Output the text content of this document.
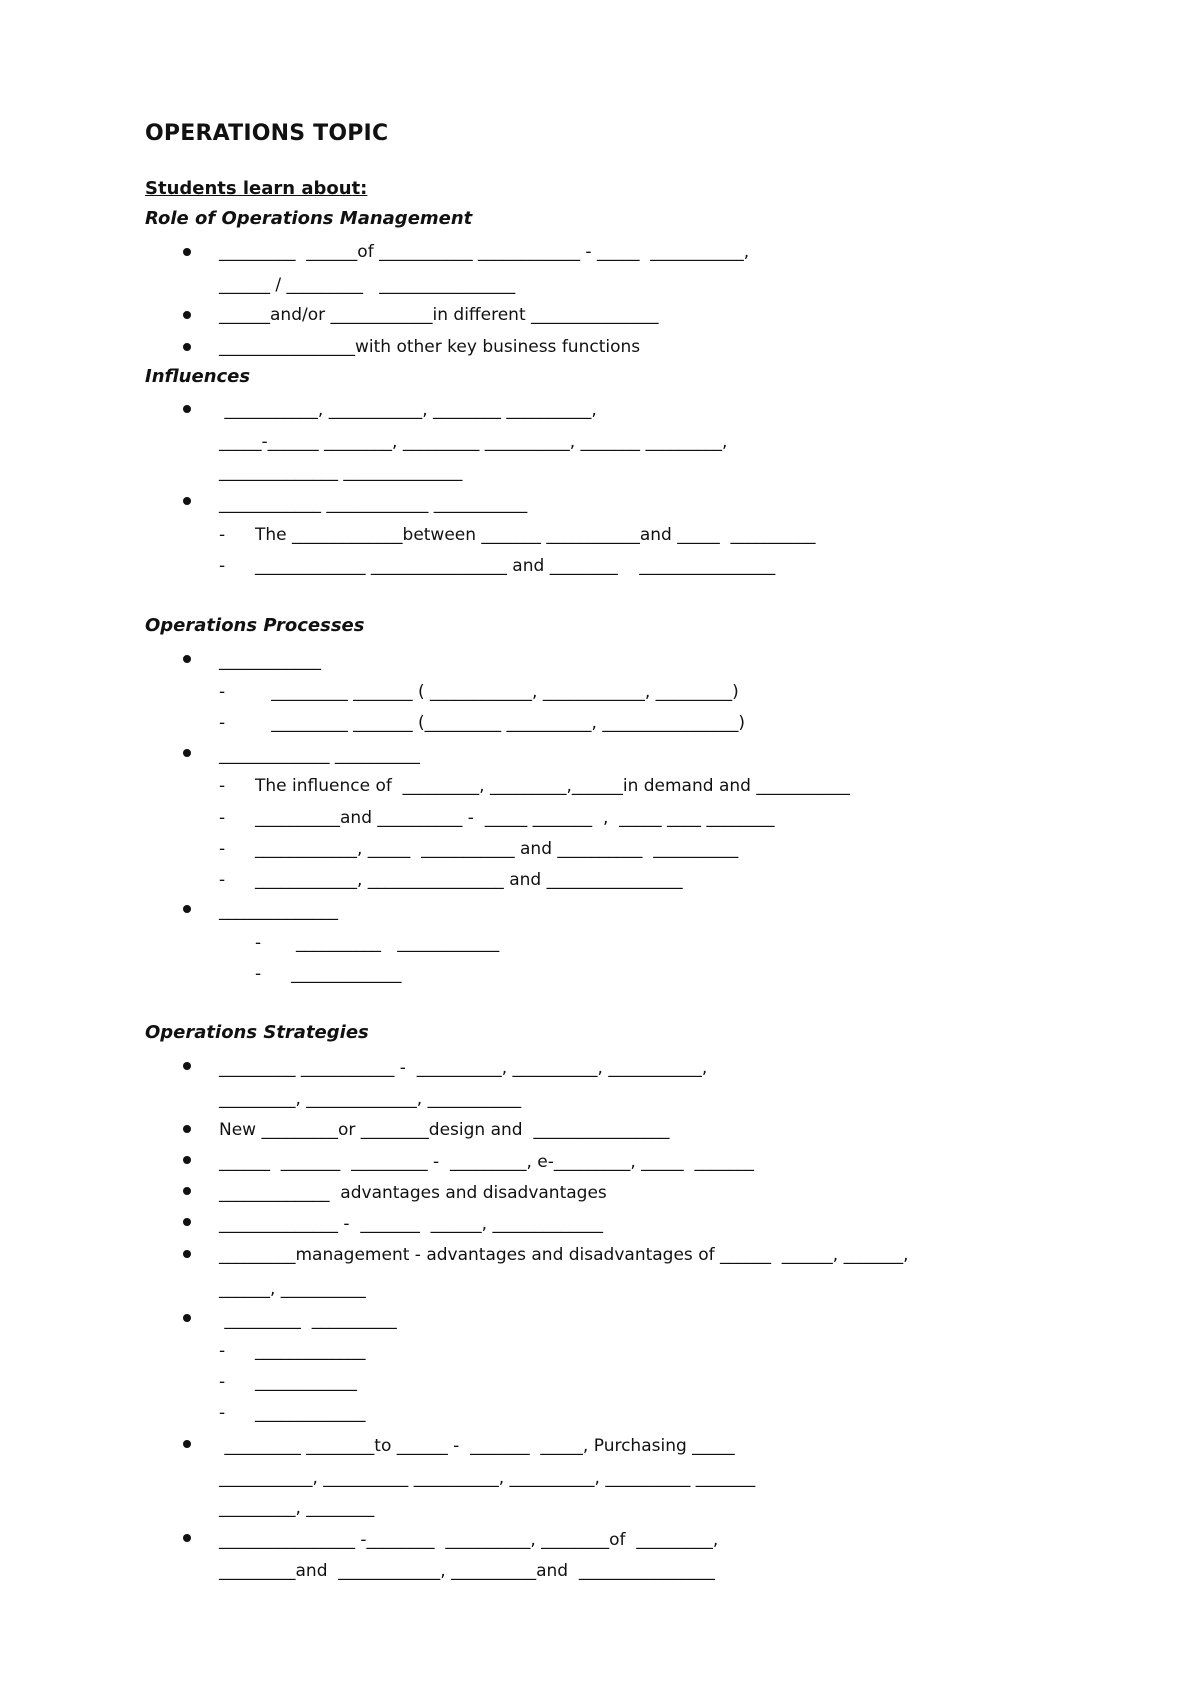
OPERATIONS TOPIC
Students learn about:
Role of Operations Management
_________  ______of ___________ ____________ - _____  ___________,
______ / _________   ________________
______and/or ____________in different _______________
________________with other key business functions
Influences
___________, ___________, ________ __________,
_____-______ ________, _________ __________, _______ _________,
______________ ______________
____________ ____________ ___________
- The _____________between _______ ___________and _____  __________
- _____________ ________________ and ________    ________________
Operations Processes
____________
- _________ _______ ( ____________, ____________, _________)
- _________ _______ (_________ __________, ________________)
_____________ __________
- The influence of  _________, _________,______in demand and ___________
- __________and __________ -  _____ _______  ,  _____ ____ ________
- ____________, _____  ___________ and __________  __________
- ____________, ________________ and ________________
______________
- __________   ____________
- _____________
Operations Strategies
_________ ___________ -  __________, __________, ___________,
_________, _____________, ___________
New _________or ________design and  ________________
______  _______  _________ -  _________, e-_________, _____  _______
_____________  advantages and disadvantages
______________ -  _______  ______, _____________
_________management - advantages and disadvantages of ______  ______, _______,
______, __________
_________  __________
- _____________
- ____________
- _____________
_________ ________to ______ -  _______  _____, Purchasing _____
___________, __________ __________, __________, __________ _______
_________, ________
________________ -________  __________, ________of  _________,
_________and  ____________, __________and  ________________
